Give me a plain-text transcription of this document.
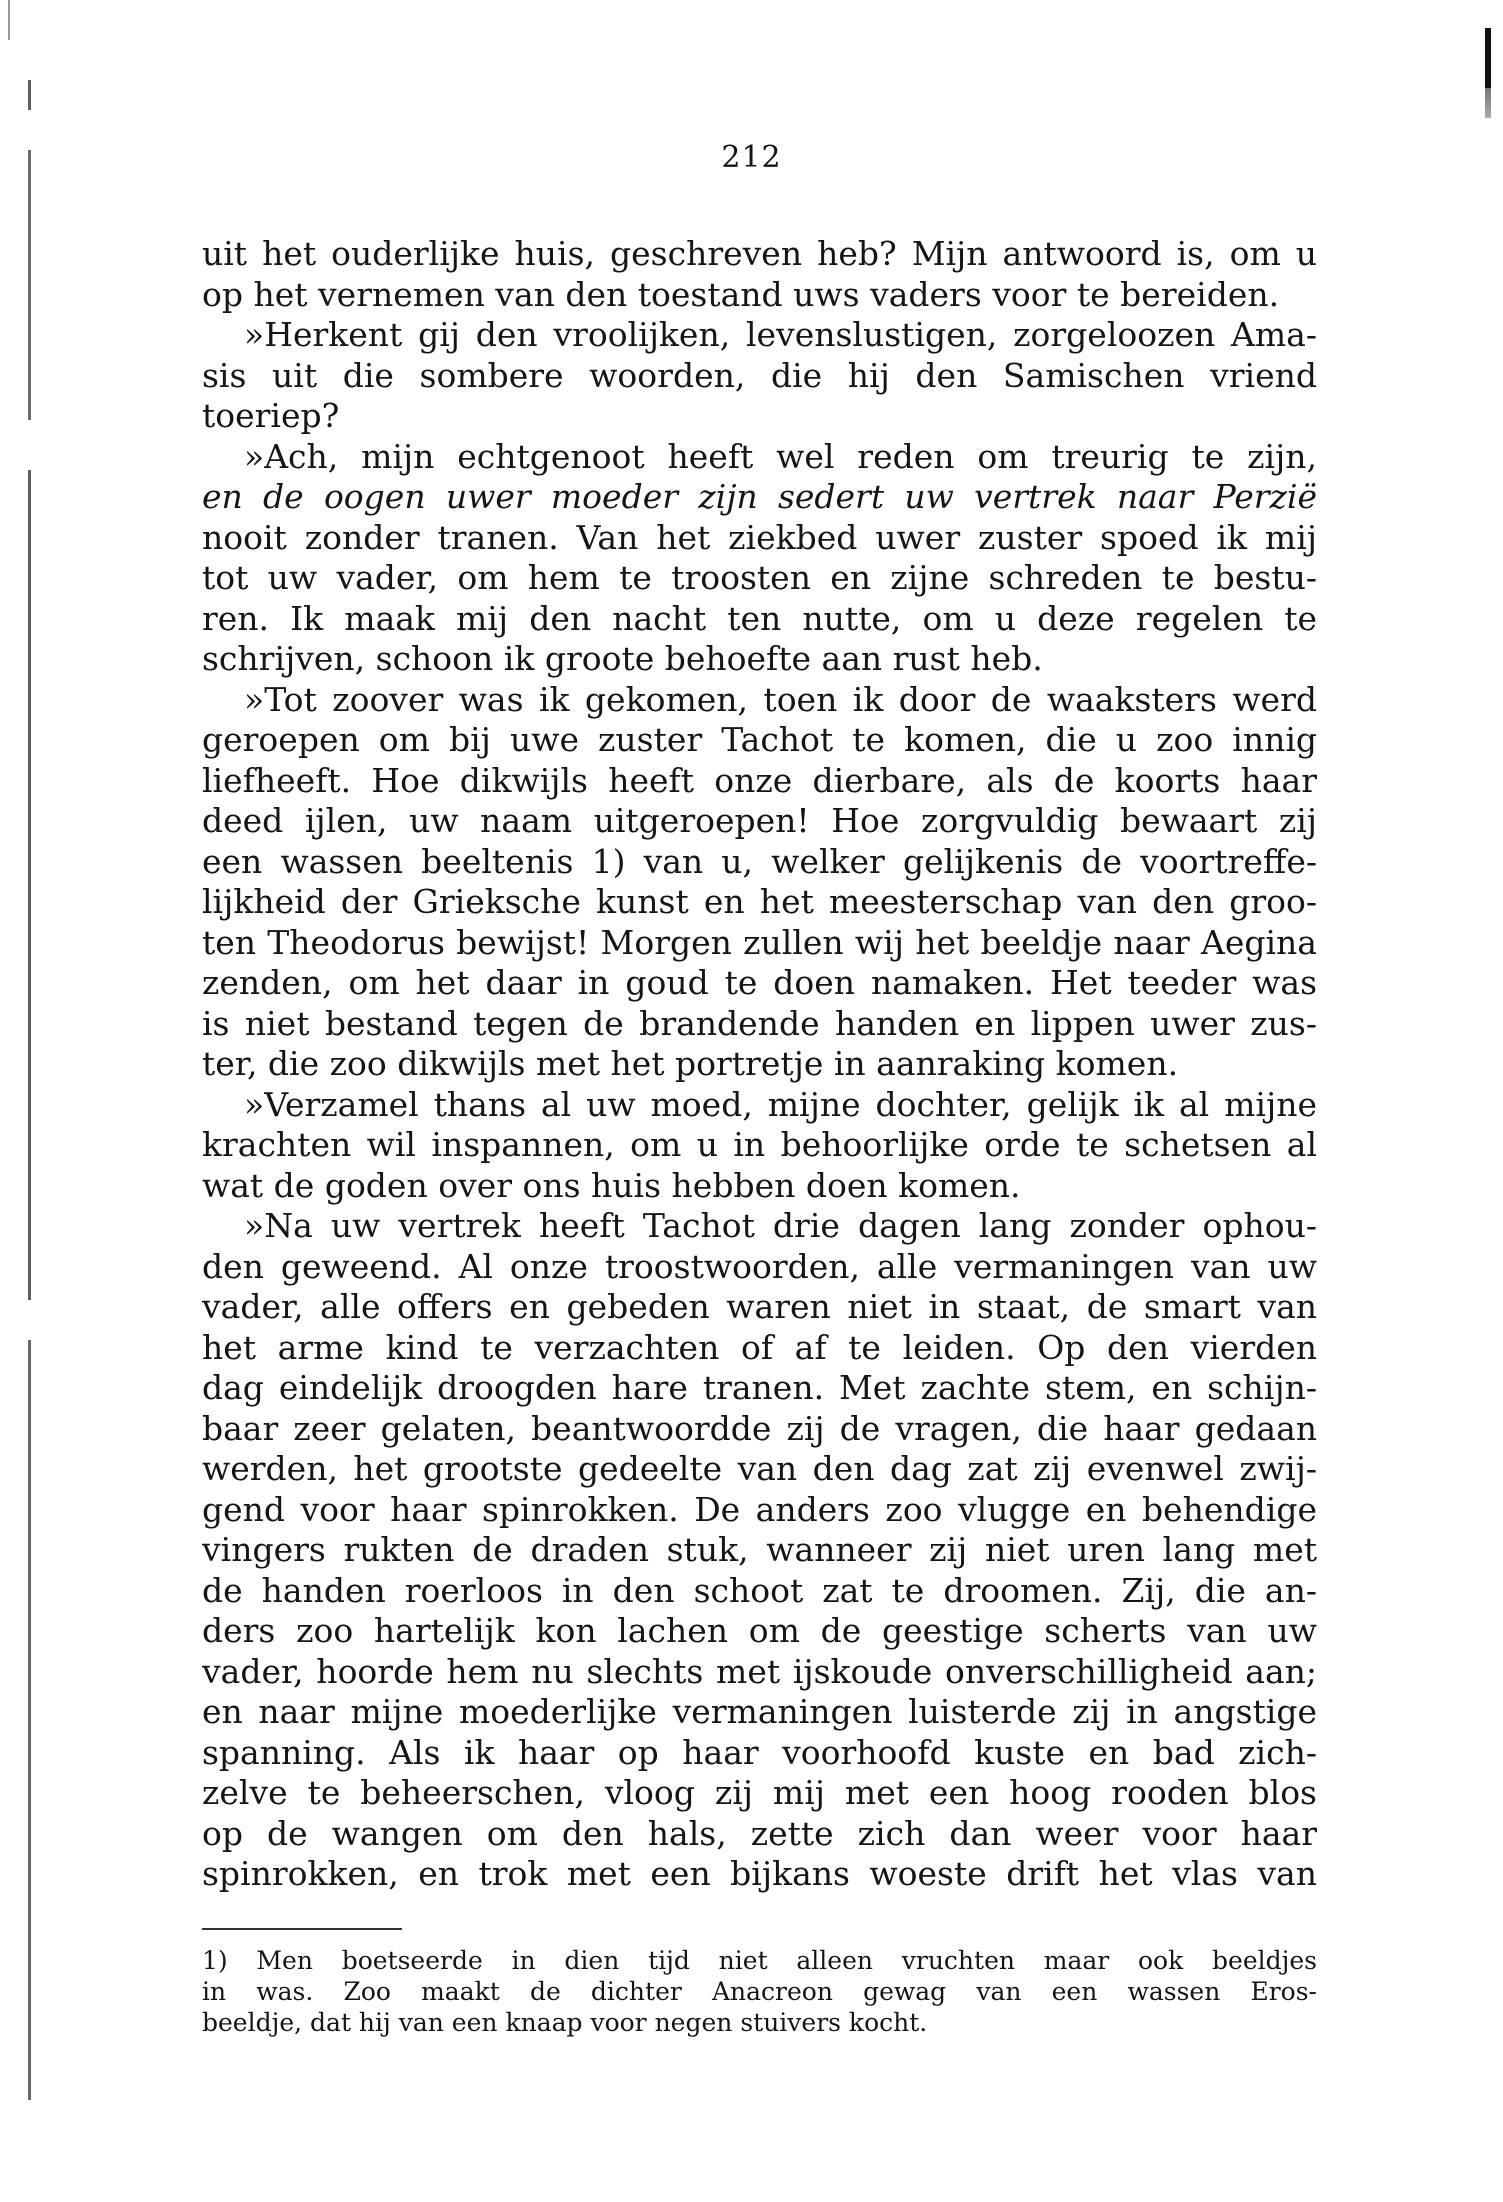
212
uit het ouderlijke huis, geschreven heb? Mijn antwoord is, om u
op het vernemen van den toestand uws vaders voor te bereiden.
»Herkent gij den vroolijken, levenslustigen, zorgeloozen Ama-
sis uit die sombere woorden, die hij den Samischen vriend
toeriep?
»Ach, mijn echtgenoot heeft wel reden om treurig te zijn,
en de oogen uwer moeder zijn sedert uw vertrek naar Perzië
nooit zonder tranen. Van het ziekbed uwer zuster spoed ik mij
tot uw vader, om hem te troosten en zijne schreden te bestu-
ren. Ik maak mij den nacht ten nutte, om u deze regelen te
schrijven, schoon ik groote behoefte aan rust heb.
»Tot zoover was ik gekomen, toen ik door de waaksters werd
geroepen om bij uwe zuster Tachot te komen, die u zoo innig
liefheeft. Hoe dikwijls heeft onze dierbare, als de koorts haar
deed ijlen, uw naam uitgeroepen! Hoe zorgvuldig bewaart zij
een wassen beeltenis 1) van u, welker gelijkenis de voortreffe-
lijkheid der Grieksche kunst en het meesterschap van den groo-
ten Theodorus bewijst! Morgen zullen wij het beeldje naar Aegina
zenden, om het daar in goud te doen namaken. Het teeder was
is niet bestand tegen de brandende handen en lippen uwer zus-
ter, die zoo dikwijls met het portretje in aanraking komen.
»Verzamel thans al uw moed, mijne dochter, gelijk ik al mijne
krachten wil inspannen, om u in behoorlijke orde te schetsen al
wat de goden over ons huis hebben doen komen.
»Na uw vertrek heeft Tachot drie dagen lang zonder ophou-
den geweend. Al onze troostwoorden, alle vermaningen van uw
vader, alle offers en gebeden waren niet in staat, de smart van
het arme kind te verzachten of af te leiden. Op den vierden
dag eindelijk droogden hare tranen. Met zachte stem, en schijn-
baar zeer gelaten, beantwoordde zij de vragen, die haar gedaan
werden, het grootste gedeelte van den dag zat zij evenwel zwij-
gend voor haar spinrokken. De anders zoo vlugge en behendige
vingers rukten de draden stuk, wanneer zij niet uren lang met
de handen roerloos in den schoot zat te droomen. Zij, die an-
ders zoo hartelijk kon lachen om de geestige scherts van uw
vader, hoorde hem nu slechts met ijskoude onverschilligheid aan;
en naar mijne moederlijke vermaningen luisterde zij in angstige
spanning. Als ik haar op haar voorhoofd kuste en bad zich-
zelve te beheerschen, vloog zij mij met een hoog rooden blos
op de wangen om den hals, zette zich dan weer voor haar
spinrokken, en trok met een bijkans woeste drift het vlas van
1) Men boetseerde in dien tijd niet alleen vruchten maar ook beeldjes
in was. Zoo maakt de dichter Anacreon gewag van een wassen Eros-
beeldje, dat hij van een knaap voor negen stuivers kocht.
